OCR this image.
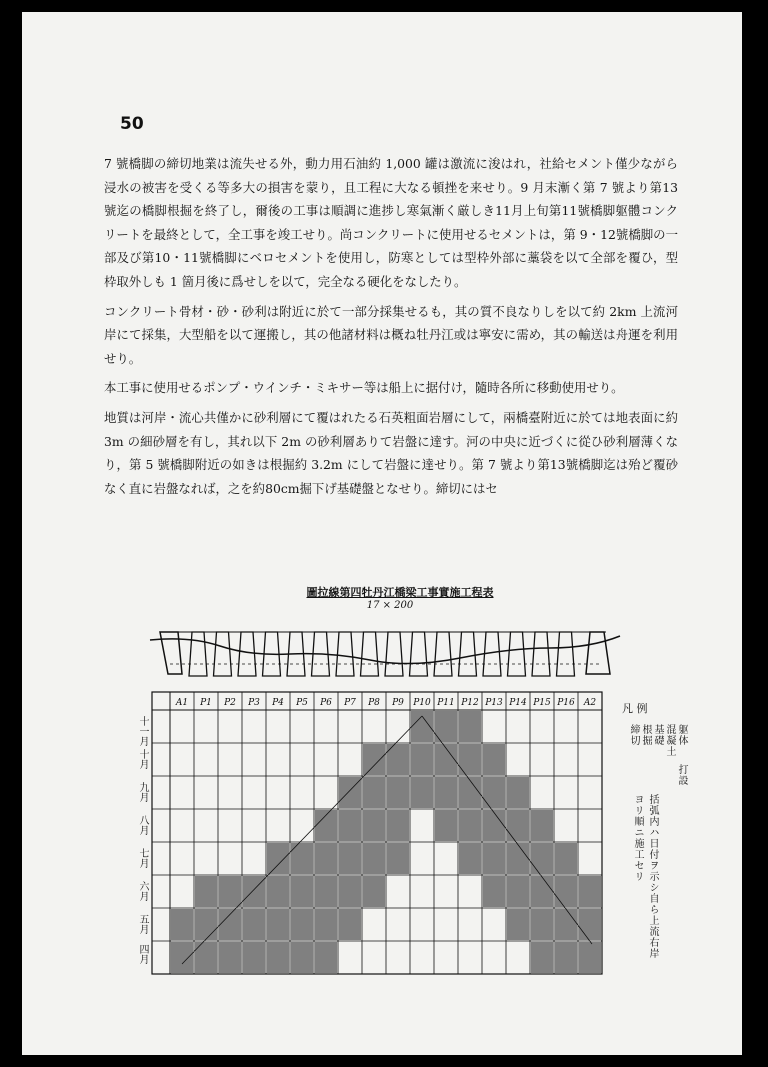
50

7 號橋脚の締切地業は流失せる外，動力用石油約 1,000 罐は激流に浚はれ，社給セメント僅少ながら浸水の被害を受くる等多大の損害を蒙り，且工程に大なる頓挫を来せり。9 月末漸く第 7 號より第13號迄の橋脚根掘を終了し，爾後の工事は順調に進捗し寒氣漸く厳しき11月上旬第11號橋脚躯體コンクリートを最終として，全工事を竣工せり。尚コンクリートに使用せるセメントは，第 9・12號橋脚の一部及び第10・11號橋脚にベロセメントを使用し，防寒としては型枠外部に藁袋を以て全部を覆ひ，型枠取外しも 1 箇月後に爲せしを以て，完全なる硬化をなしたり。

コンクリート骨材・砂・砂利は附近に於て一部分採集せるも，其の質不良なりしを以て約 2km 上流河岸にて採集，大型船を以て運搬し，其の他諸材料は概ね牡丹江或は寧安に需め，其の輸送は舟運を利用せり。

本工事に使用せるポンプ・ウインチ・ミキサー等は船上に据付け，隨時各所に移動使用せり。

地質は河岸・流心共僅かに砂利層にて覆はれたる石英粗面岩層にして，兩橋臺附近に於ては地表面に約 3m の細砂層を有し，其れ以下 2m の砂利層ありて岩盤に達す。河の中央に近づくに從ひ砂利層薄くなり，第 5 號橋脚附近の如きは根掘約 3.2m にして岩盤に達せり。第 7 號より第13號橋脚迄は殆ど覆砂なく直に岩盤なれば，之を約80cm掘下げ基礎盤となせり。締切にはセ

圖拉線第四牡丹江橋梁工事實施工程表
17 × 200
凡 例
締切 根掘 基礎 混凝土 躯体
打設
括弧内ハ日付ヲ示シ自ら上流右岸ヨリ順ニ施工セリ
十一月
十月
九月
八月
七月
六月
五月
四月
A1	P1	P2	P3	P4	P5	P6	P7	P8	P9	P10 P11 P12 P13 P14 P15 P16	A2
